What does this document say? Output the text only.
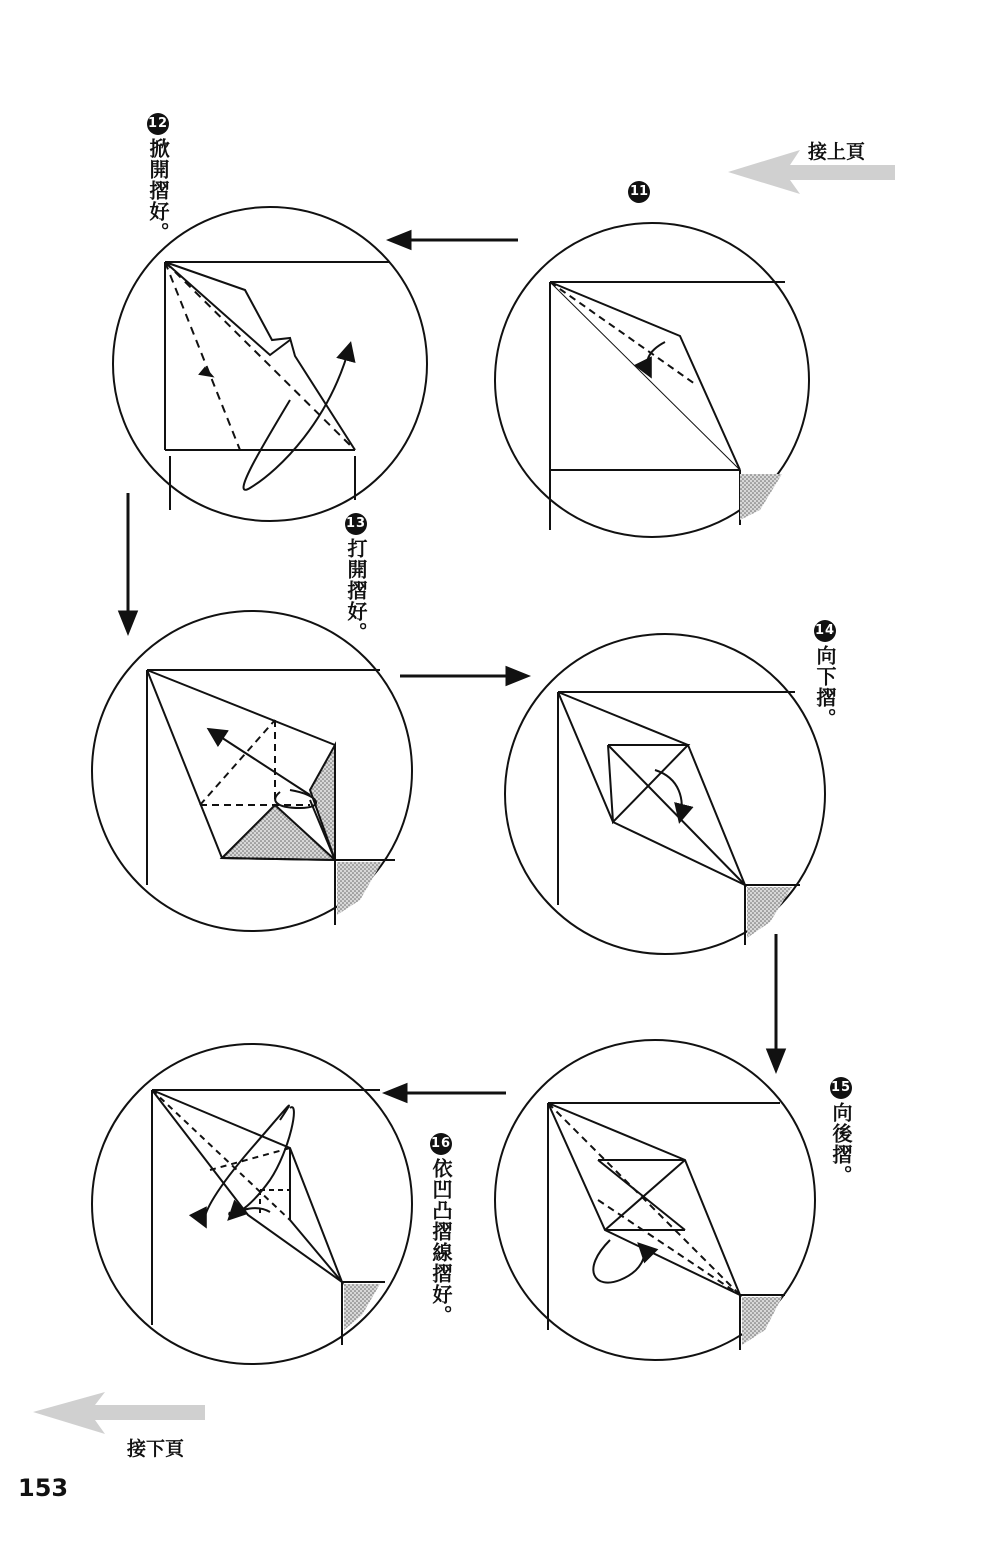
接上頁
接下頁
11
12掀開摺好。
13打開摺好。	14向下摺。
15向後摺。
16依凹凸摺線摺好。
153
